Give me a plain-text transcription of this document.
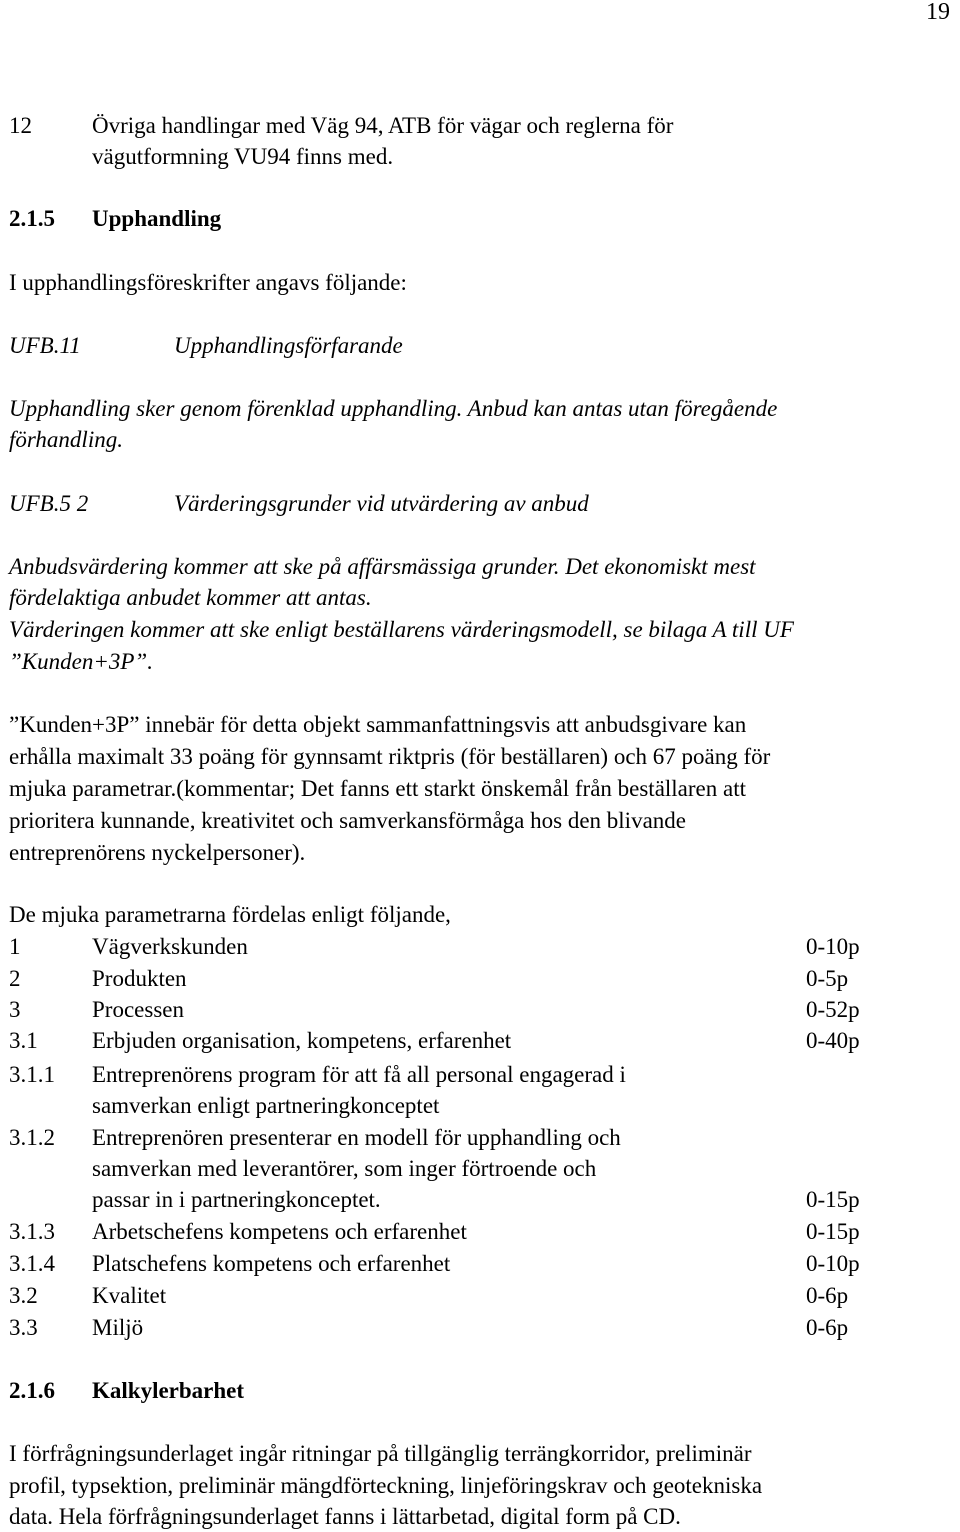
19
12	Övriga handlingar med Väg 94, ATB för vägar och reglerna för
vägutformning VU94 finns med.
2.1.5 Upphandling
I upphandlingsföreskrifter angavs följande:
UFB.11	Upphandlingsförfarande
Upphandling sker genom förenklad upphandling. Anbud kan antas utan föregående
förhandling.
UFB.5 2	Värderingsgrunder vid utvärdering av anbud
Anbudsvärdering kommer att ske på affärsmässiga grunder. Det ekonomiskt mest
fördelaktiga anbudet kommer att antas.
Värderingen kommer att ske enligt beställarens värderingsmodell, se bilaga A till UF
”Kunden+3P”.
”Kunden+3P” innebär för detta objekt sammanfattningsvis att anbudsgivare kan
erhålla maximalt 33 poäng för gynnsamt riktpris (för beställaren) och 67 poäng för
mjuka parametrar.(kommentar; Det fanns ett starkt önskemål från beställaren att
prioritera kunnande, kreativitet och samverkansförmåga hos den blivande
entreprenörens nyckelpersoner).
De mjuka parametrarna fördelas enligt följande,
1	Vägverkskunden	0-10p
2	Produkten	0-5p
3	Processen	0-52p
3.1 Erbjuden organisation, kompetens, erfarenhet	0-40p
3.1.1 Entreprenörens program för att få all personal engagerad i
samverkan enligt partneringkonceptet
3.1.2 Entreprenören presenterar en modell för upphandling och
samverkan med leverantörer, som inger förtroende och
passar in i partneringkonceptet.	0-15p
3.1.3 Arbetschefens kompetens och erfarenhet	0-15p
3.1.4 Platschefens kompetens och erfarenhet	0-10p
3.2 Kvalitet	0-6p
3.3 Miljö	0-6p
2.1.6 Kalkylerbarhet
I förfrågningsunderlaget ingår ritningar på tillgänglig terrängkorridor, preliminär
profil, typsektion, preliminär mängdförteckning, linjeföringskrav och geotekniska
data. Hela förfrågningsunderlaget fanns i lättarbetad, digital form på CD.
